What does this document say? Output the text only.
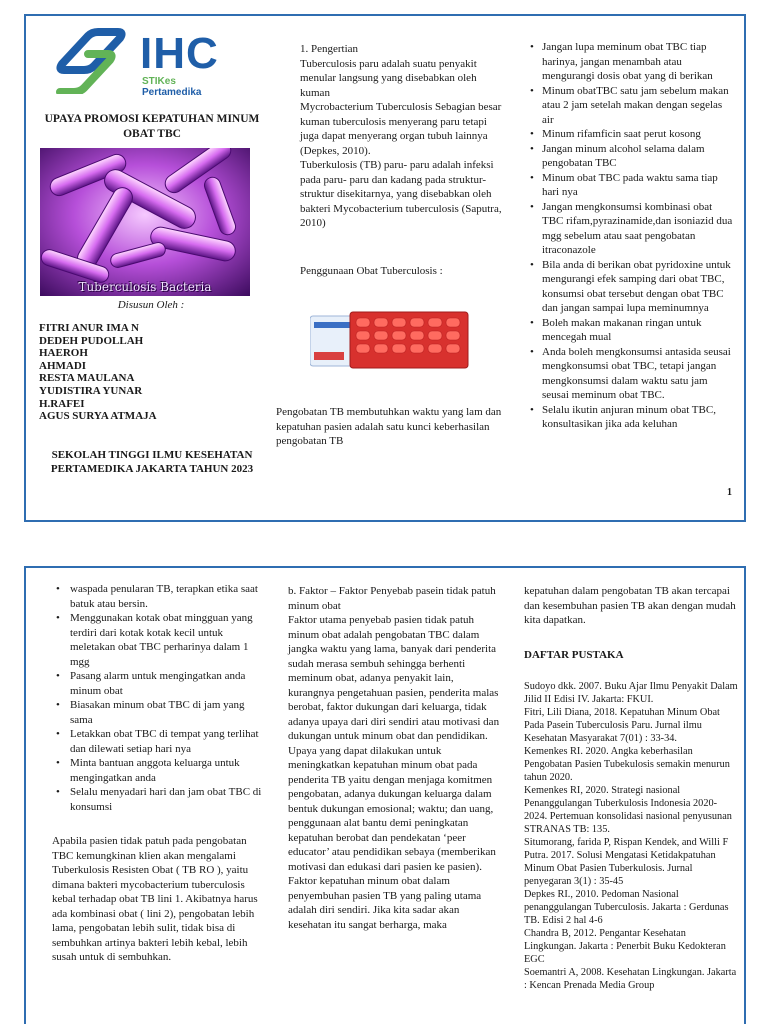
IHC
STIKes
Pertamedika
UPAYA PROMOSI KEPATUHAN MINUM OBAT TBC
Tuberculosis Bacteria
Disusun Oleh :
FITRI ANUR IMA N
DEDEH PUDOLLAH
HAEROH
AHMADI
RESTA MAULANA
YUDISTIRA YUNAR
H.RAFEI
AGUS SURYA ATMAJA
SEKOLAH TINGGI ILMU KESEHATAN PERTAMEDIKA JAKARTA TAHUN 2023

1. Pengertian

Tuberculosis paru adalah suatu penyakit menular langsung yang disebabkan oleh kuman

Mycrobacterium Tuberculosis Sebagian besar kuman tuberculosis menyerang paru tetapi juga dapat menyerang organ tubuh lainnya (Depkes, 2010).

Tuberkulosis (TB) paru- paru adalah infeksi pada paru- paru dan kadang pada struktur- struktur disekitarnya, yang disebabkan oleh bakteri Mycobacterium tuberculosis (Saputra, 2010)

Penggunaan Obat Tuberculosis :

Pengobatan TB membutuhkan waktu yang lam dan kepatuhan pasien adalah satu kunci keberhasilan pengobatan TB

• Jangan lupa meminum obat TBC tiap harinya, jangan menambah atau mengurangi dosis obat yang di berikan
• Minum obatTBC satu jam sebelum makan atau 2 jam setelah makan dengan segelas air
• Minum rifamficin saat perut kosong
• Jangan minum alcohol selama dalam pengobatan TBC
• Minum obat TBC pada waktu sama tiap hari nya
• Jangan mengkonsumsi kombinasi obat TBC rifam,pyrazinamide,dan isoniazid dua mgg sebelum atau saat pengobatan itraconazole
• Bila anda di berikan obat pyridoxine untuk mengurangi efek samping dari obat TBC, konsumsi obat tersebut dengan obat TBC dan jangan sampai lupa meminumnya
• Boleh makan makanan ringan untuk mencegah mual
• Anda boleh mengkonsumsi antasida seusai mengkonsumsi obat TBC, tetapi jangan mengkonsumsi dalam waktu satu jam seusai meminum obat TBC.
• Selalu ikutin anjuran minum obat TBC, konsultasikan jika ada keluhan
1
• waspada penularan TB, terapkan etika saat batuk atau bersin.
• Menggunakan kotak obat mingguan yang terdiri dari kotak kotak kecil untuk meletakan obat TBC perharinya dalam 1 mgg
• Pasang alarm untuk mengingatkan anda minum obat
• Biasakan minum obat TBC di jam yang sama
• Letakkan obat TBC di tempat yang terlihat dan dilewati setiap hari nya
• Minta bantuan anggota keluarga untuk mengingatkan anda
• Selalu menyadari hari dan jam obat TBC di konsumsi

Apabila pasien tidak patuh pada pengobatan TBC kemungkinan klien akan mengalami Tuberkulosis Resisten Obat ( TB RO ), yaitu dimana bakteri mycobacterium tuberculosis kebal terhadap obat TB lini 1. Akibatnya harus ada kombinasi obat ( lini 2), pengobatan lebih lama, pengobatan lebih sulit, tidak bisa di sembuhkan artinya bakteri lebih kebal, lebih susah untuk di sembuhkan.

b. Faktor – Faktor Penyebab pasein tidak patuh minum obat

Faktor utama penyebab pasien tidak patuh minum obat adalah pengobatan TBC dalam jangka waktu yang lama, banyak dari penderita sudah merasa sembuh sehingga berhenti meminum obat, adanya penyakit lain, kurangnya pengetahuan pasien, penderita malas berobat, faktor dukungan dari keluarga, tidak adanya upaya dari diri sendiri atau motivasi dan dukungan untuk minum obat dan pendidikan.

Upaya yang dapat dilakukan untuk meningkatkan kepatuhan minum obat pada penderita TB yaitu dengan menjaga komitmen pengobatan, adanya dukungan keluarga dalam bentuk dukungan emosional; waktu; dan uang, penggunaan alat bantu demi peningkatan kepatuhan berobat dan pendekatan ‘peer educator’ atau pendidikan sebaya (memberikan motivasi dan edukasi dari pasien ke pasien).

Faktor kepatuhan minum obat dalam penyembuhan pasien TB yang paling utama adalah diri sendiri. Jika kita sadar akan kesehatan itu sangat berharga, maka

kepatuhan dalam pengobatan TB akan tercapai dan kesembuhan pasien TB akan dengan mudah kita dapatkan.

DAFTAR PUSTAKA

Sudoyo dkk. 2007. Buku Ajar Ilmu Penyakit Dalam Jilid II Edisi IV. Jakarta: FKUI.
Fitri, Lili Diana, 2018. Kepatuhan Minum Obat Pada Pasein Tuberculosis Paru. Jurnal ilmu Kesehatan Masyarakat 7(01) : 33-34.
Kemenkes RI. 2020. Angka keberhasilan Pengobatan Pasien Tubekulosis semakin menurun tahun 2020.
Kemenkes RI, 2020. Strategi nasional Penanggulangan Tuberkulosis Indonesia 2020-2024. Pertemuan konsolidasi nasional penyusunan STRANAS TB: 135.
Situmorang, farida P, Rispan Kendek, and Willi F Putra. 2017. Solusi Mengatasi Ketidakpatuhan Minum Obat Pasien Tuberkulosis. Jurnal penyegaran 3(1) : 35-45
Depkes RI., 2010. Pedoman Nasional penanggulangan Tuberculosis. Jakarta : Gerdunas TB. Edisi 2 hal 4-6
Chandra B, 2012. Pengantar Kesehatan Lingkungan. Jakarta : Penerbit Buku Kedokteran EGC
Soemantri A, 2008. Kesehatan Lingkungan. Jakarta : Kencan Prenada Media Group
